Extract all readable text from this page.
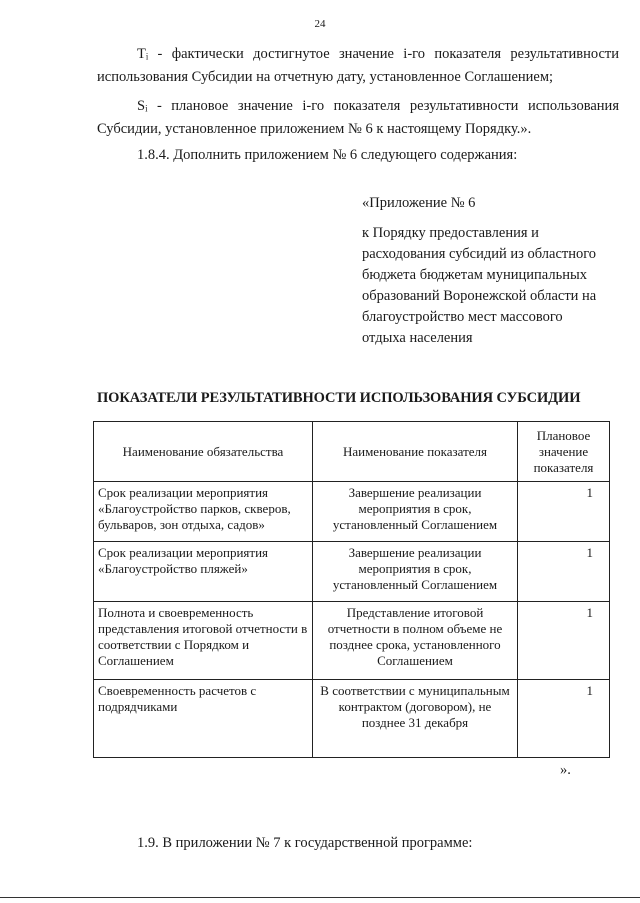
24

Tᵢ - фактически достигнутое значение i-го показателя результативности использования Субсидии на отчетную дату, установленное Соглашением;

Sᵢ - плановое значение i-го показателя результативности использования Субсидии, установленное приложением № 6 к настоящему Порядку.».

1.8.4. Дополнить приложением № 6 следующего содержания:

«Приложение № 6
к Порядку предоставления и расходования субсидий из областного бюджета бюджетам муниципальных образований Воронежской области на благоустройство мест массового отдыха населения
ПОКАЗАТЕЛИ РЕЗУЛЬТАТИВНОСТИ ИСПОЛЬЗОВАНИЯ СУБСИДИИ
Наименование обязательства	Наименование показателя	Плановое значение показателя
Срок реализации мероприятия «Благоустройство парков, скверов, бульваров, зон отдыха, садов»	Завершение реализации мероприятия в срок, установленный Соглашением	1
Срок реализации мероприятия «Благоустройство пляжей»	Завершение реализации мероприятия в срок, установленный Соглашением	1
Полнота и своевременность представления итоговой отчетности в соответствии с Порядком и Соглашением	Представление итоговой отчетности в полном объеме не позднее срока, установленного Соглашением	1
Своевременность расчетов с подрядчиками	В соответствии с муниципальным контрактом (договором), не позднее 31 декабря	1
».

1.9. В приложении № 7 к государственной программе:
